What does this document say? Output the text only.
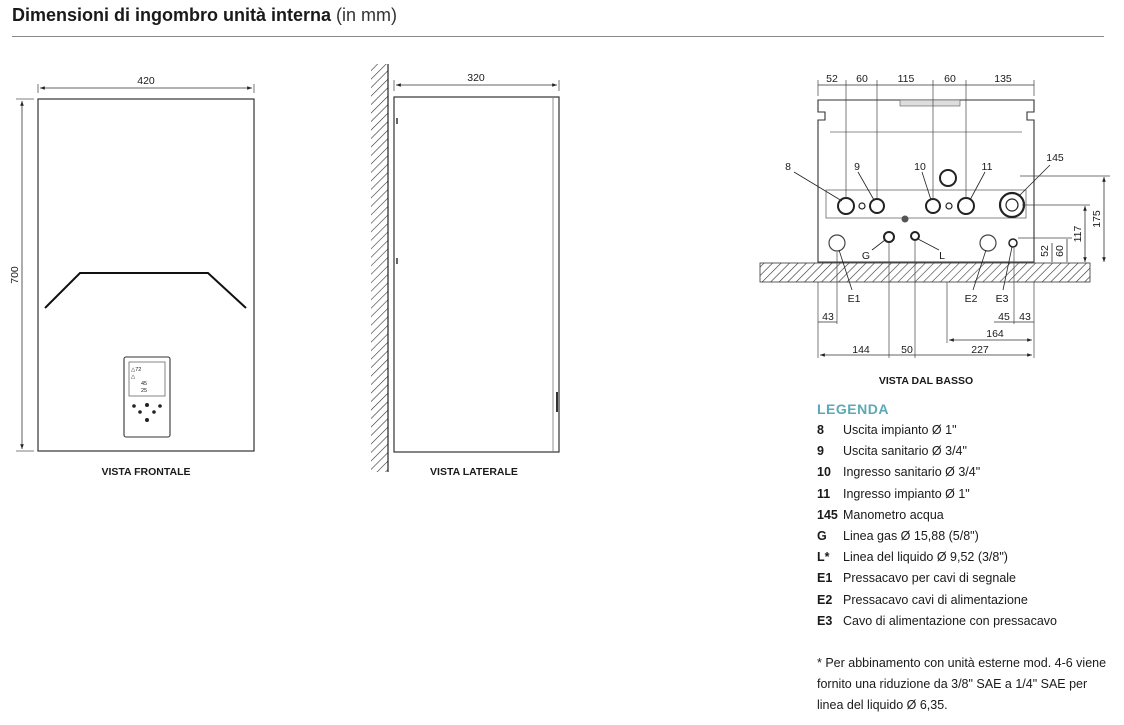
Dimensioni di ingombro unità interna (in mm)
△72
△
45
25
420
700
VISTA FRONTALE
320
VISTA LATERALE
8	9	10	11
145
G	L
E1	E2 E3
52 60	115	60	135
175
117
60
52
43
144	50	227
164
45 43
VISTA DAL BASSO
LEGENDA
8	Uscita impianto Ø 1"
9	Uscita sanitario Ø 3/4"
10 Ingresso sanitario Ø 3/4"
11	Ingresso impianto Ø 1"
145 Manometro acqua
G	Linea gas Ø 15,88 (5/8")
L*	Linea del liquido Ø 9,52 (3/8")
E1 Pressacavo per cavi di segnale
E2 Pressacavo cavi di alimentazione
E3 Cavo di alimentazione con pressacavo
* Per abbinamento con unità esterne mod. 4-6 viene fornito una riduzione da 3/8" SAE a 1/4" SAE per linea del liquido Ø 6,35.
